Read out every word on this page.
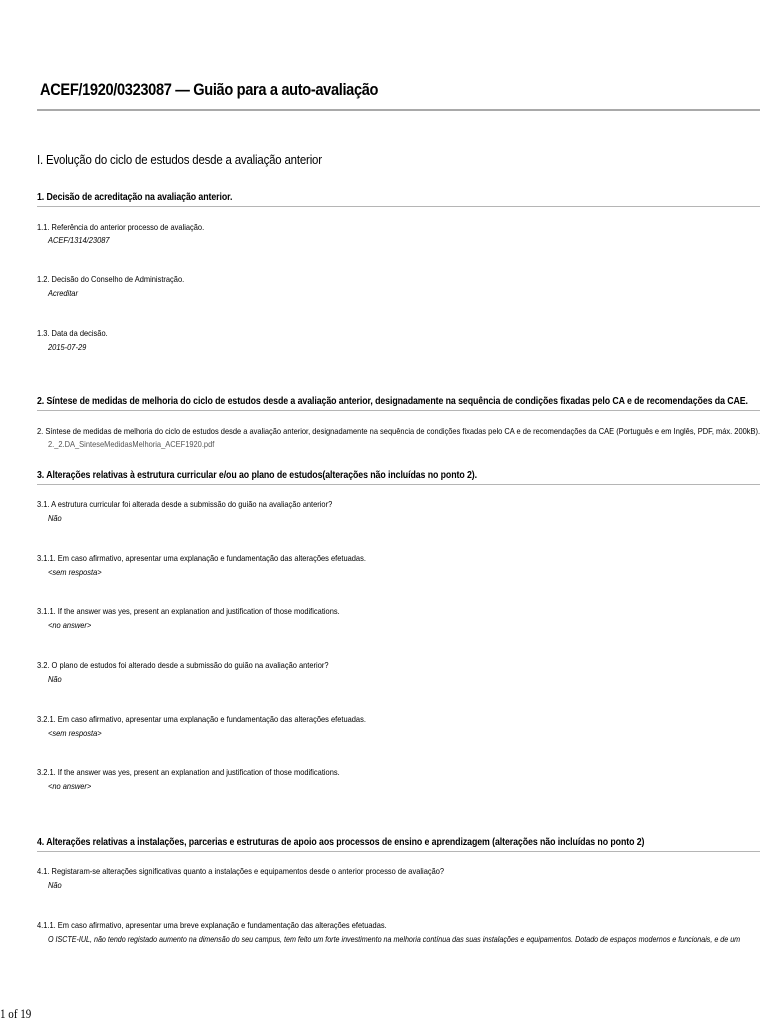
ACEF/1920/0323087 — Guião para a auto-avaliação
I. Evolução do ciclo de estudos desde a avaliação anterior
1. Decisão de acreditação na avaliação anterior.
1.1. Referência do anterior processo de avaliação.
ACEF/1314/23087
1.2. Decisão do Conselho de Administração.
Acreditar
1.3. Data da decisão.
2015-07-29
2. Síntese de medidas de melhoria do ciclo de estudos desde a avaliação anterior, designadamente na sequência de condições fixadas pelo CA e de recomendações da CAE.
2. Síntese de medidas de melhoria do ciclo de estudos desde a avaliação anterior, designadamente na sequência de condições fixadas pelo CA e de recomendações da CAE (Português e em Inglês, PDF, máx. 200kB).
2._2.DA_SinteseMedidasMelhoria_ACEF1920.pdf
3. Alterações relativas à estrutura curricular e/ou ao plano de estudos(alterações não incluídas no ponto 2).
3.1. A estrutura curricular foi alterada desde a submissão do guião na avaliação anterior?
Não
3.1.1. Em caso afirmativo, apresentar uma explanação e fundamentação das alterações efetuadas.
<sem resposta>
3.1.1. If the answer was yes, present an explanation and justification of those modifications.
<no answer>
3.2. O plano de estudos foi alterado desde a submissão do guião na avaliação anterior?
Não
3.2.1. Em caso afirmativo, apresentar uma explanação e fundamentação das alterações efetuadas.
<sem resposta>
3.2.1. If the answer was yes, present an explanation and justification of those modifications.
<no answer>
4. Alterações relativas a instalações, parcerias e estruturas de apoio aos processos de ensino e aprendizagem (alterações não incluídas no ponto 2)
4.1. Registaram-se alterações significativas quanto a instalações e equipamentos desde o anterior processo de avaliação?
Não
4.1.1. Em caso afirmativo, apresentar uma breve explanação e fundamentação das alterações efetuadas.
O ISCTE-IUL, não tendo registado aumento na dimensão do seu campus, tem feito um forte investimento na melhoria contínua das suas instalações e equipamentos. Dotado de espaços modernos e funcionais, e de um
1 of 19
